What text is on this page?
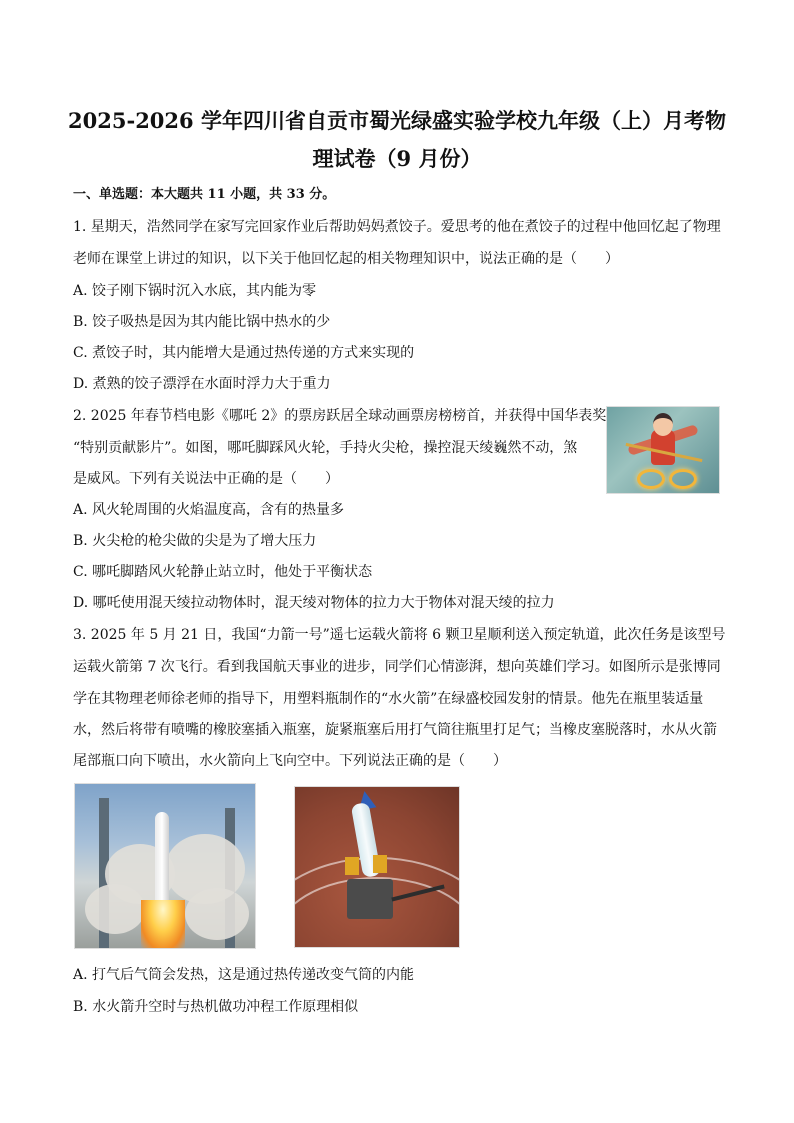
2025-2026 学年四川省自贡市蜀光绿盛实验学校九年级（上）月考物
理试卷（9 月份）
一、单选题：本大题共 11 小题，共 33 分。
1. 星期天，浩然同学在家写完回家作业后帮助妈妈煮饺子。爱思考的他在煮饺子的过程中他回忆起了物理
老师在课堂上讲过的知识，以下关于他回忆起的相关物理知识中，说法正确的是（　　）
A. 饺子刚下锅时沉入水底，其内能为零
B. 饺子吸热是因为其内能比锅中热水的少
C. 煮饺子时，其内能增大是通过热传递的方式来实现的
D. 煮熟的饺子漂浮在水面时浮力大于重力
2. 2025 年春节档电影《哪吒 2》的票房跃居全球动画票房榜榜首，并获得中国华表奖
“特别贡献影片”。如图，哪吒脚踩风火轮，手持火尖枪，操控混天绫巍然不动，煞
是威风。下列有关说法中正确的是（　　）
A. 风火轮周围的火焰温度高，含有的热量多
B. 火尖枪的枪尖做的尖是为了增大压力
C. 哪吒脚踏风火轮静止站立时，他处于平衡状态
D. 哪吒使用混天绫拉动物体时，混天绫对物体的拉力大于物体对混天绫的拉力
3. 2025 年 5 月 21 日，我国“力箭一号”遥七运载火箭将 6 颗卫星顺利送入预定轨道，此次任务是该型号
运载火箭第 7 次飞行。看到我国航天事业的进步，同学们心情澎湃，想向英雄们学习。如图所示是张博同
学在其物理老师徐老师的指导下，用塑料瓶制作的“水火箭”在绿盛校园发射的情景。他先在瓶里装适量
水，然后将带有喷嘴的橡胶塞插入瓶塞，旋紧瓶塞后用打气筒往瓶里打足气；当橡皮塞脱落时，水从火箭
尾部瓶口向下喷出，水火箭向上飞向空中。下列说法正确的是（　　）
A. 打气后气筒会发热，这是通过热传递改变气筒的内能
B. 水火箭升空时与热机做功冲程工作原理相似
